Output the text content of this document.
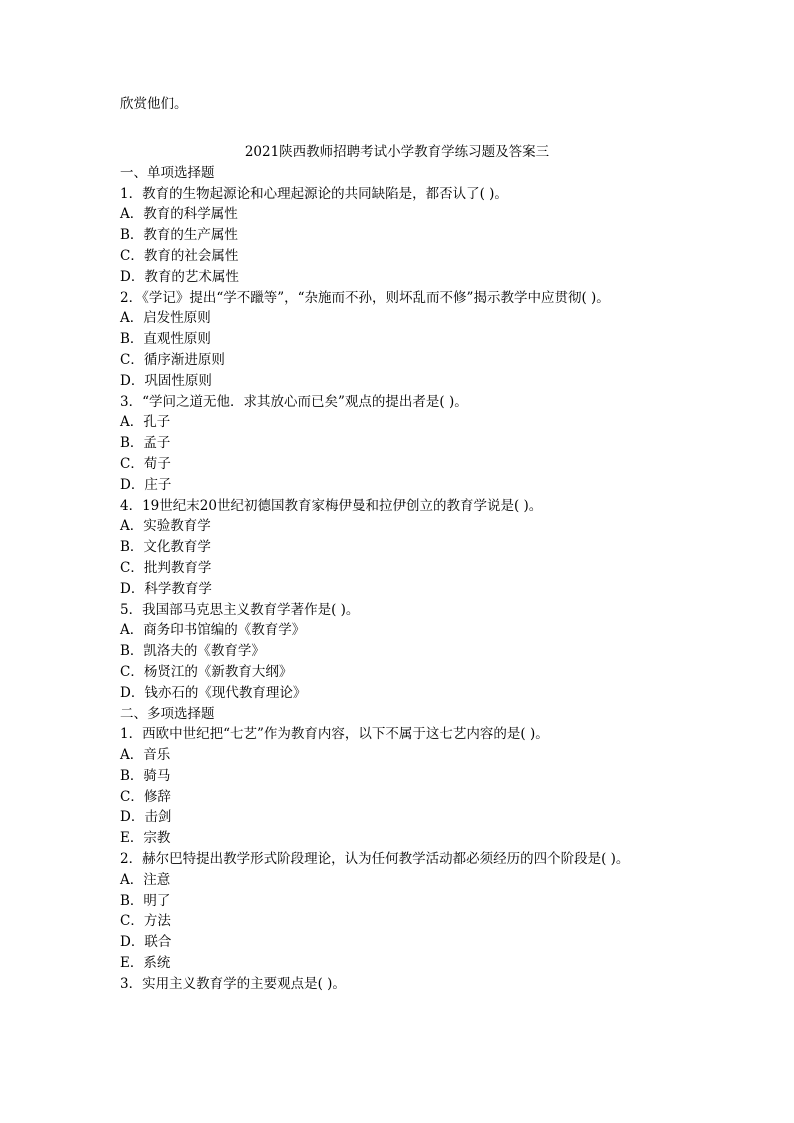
欣赏他们。
2021陕西教师招聘考试小学教育学练习题及答案三
一、单项选择题
1．教育的生物起源论和心理起源论的共同缺陷是，都否认了( )。
A．教育的科学属性
B．教育的生产属性
C．教育的社会属性
D．教育的艺术属性
2．《学记》提出“学不躐等”，“杂施而不孙，则坏乱而不修”揭示教学中应贯彻( )。
A．启发性原则
B．直观性原则
C．循序渐进原则
D．巩固性原则
3．“学问之道无他．求其放心而已矣”观点的提出者是( )。
A．孔子
B．孟子
C．荀子
D．庄子
4．19世纪末20世纪初德国教育家梅伊曼和拉伊创立的教育学说是( )。
A．实验教育学
B．文化教育学
C．批判教育学
D．科学教育学
5．我国部马克思主义教育学著作是( )。
A．商务印书馆编的《教育学》
B．凯洛夫的《教育学》
C．杨贤江的《新教育大纲》
D．钱亦石的《现代教育理论》
二、多项选择题
1．西欧中世纪把“七艺”作为教育内容，以下不属于这七艺内容的是( )。
A．音乐
B．骑马
C．修辞
D．击剑
E．宗教
2．赫尔巴特提出教学形式阶段理论，认为任何教学活动都必须经历的四个阶段是( )。
A．注意
B．明了
C．方法
D．联合
E．系统
3．实用主义教育学的主要观点是( )。
